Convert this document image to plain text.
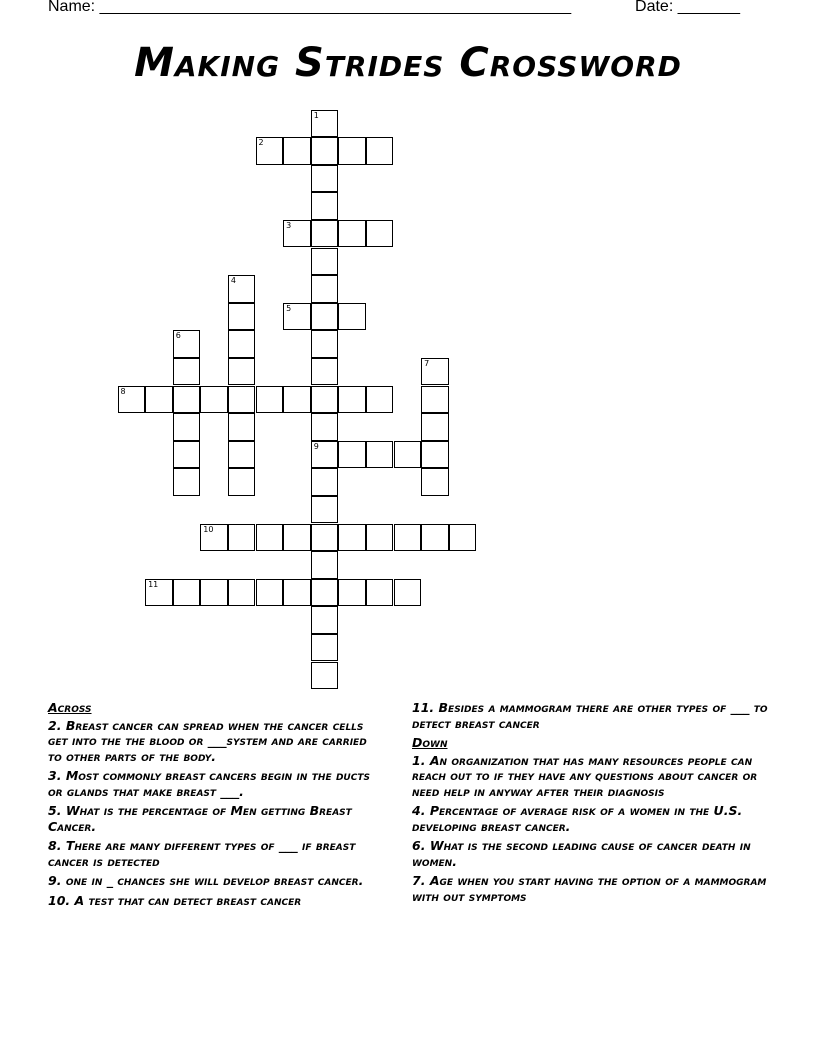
Name: _____________________________________________________	Date: _______
Making Strides Crossword
1
9
2
3
4
5
6
7
8
10
11
Across
2. Breast cancer can spread when the cancer cells get into the the blood or ___system and are carried to other parts of the body.
3. Most commonly breast cancers begin in the ducts or glands that make breast ___.
5. What is the percentage of Men getting Breast Cancer.
8. There are many different types of ___ if breast cancer is detected
9. one in _ chances she will develop breast cancer.
10. A test that can detect breast cancer
11. Besides a mammogram there are other types of ___ to detect breast cancer
Down
1. An organization that has many resources people can reach out to if they have any questions about cancer or need help in anyway after their diagnosis
4. Percentage of average risk of a women in the U.S. developing breast cancer.
6. What is the second leading cause of cancer death in women.
7. Age when you start having the option of a mammogram with out symptoms
